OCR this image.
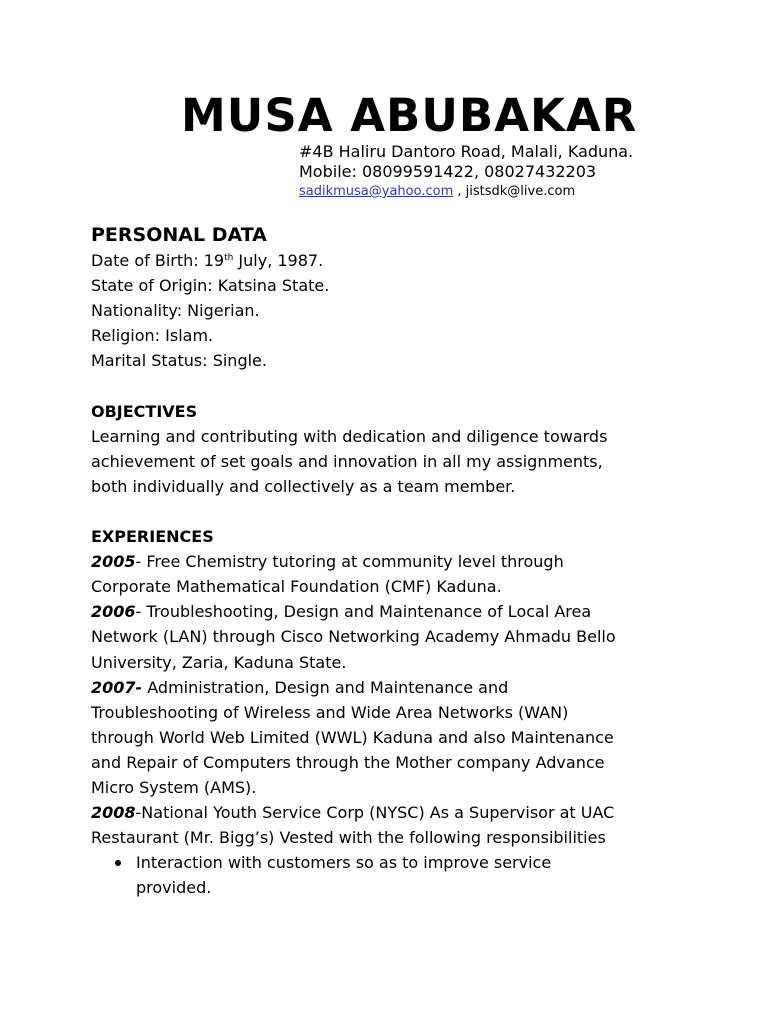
MUSA ABUBAKAR
#4B Haliru Dantoro Road, Malali, Kaduna.
Mobile: 08099591422, 08027432203
sadikmusa@yahoo.com , jistsdk@live.com
PERSONAL DATA
Date of Birth: 19th July, 1987.
State of Origin: Katsina State.
Nationality: Nigerian.
Religion: Islam.
Marital Status: Single.
OBJECTIVES
Learning and contributing with dedication and diligence towards
achievement of set goals and innovation in all my assignments,
both individually and collectively as a team member.
EXPERIENCES
2005- Free Chemistry tutoring at community level through
Corporate Mathematical Foundation (CMF) Kaduna.
2006- Troubleshooting, Design and Maintenance of Local Area
Network (LAN) through Cisco Networking Academy Ahmadu Bello
University, Zaria, Kaduna State.
2007- Administration, Design and Maintenance and
Troubleshooting of Wireless and Wide Area Networks (WAN)
through World Web Limited (WWL) Kaduna and also Maintenance
and Repair of Computers through the Mother company Advance
Micro System (AMS).
2008-National Youth Service Corp (NYSC) As a Supervisor at UAC
Restaurant (Mr. Bigg’s) Vested with the following responsibilities
Interaction with customers so as to improve service provided.
